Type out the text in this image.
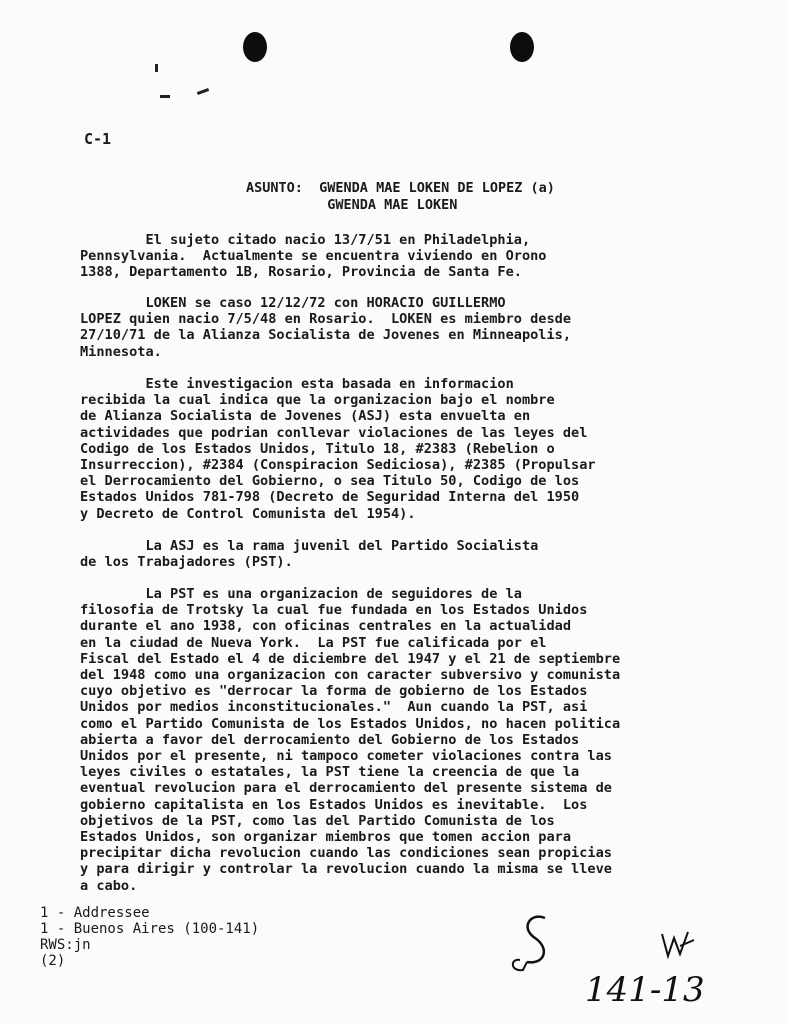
C-1
ASUNTO: GWENDA MAE LOKEN DE LOPEZ (a)
GWENDA MAE LOKEN
El sujeto citado nacio 13/7/51 en Philadelphia,
Pennsylvania.  Actualmente se encuentra viviendo en Orono
1388, Departamento 1B, Rosario, Provincia de Santa Fe.
LOKEN se caso 12/12/72 con HORACIO GUILLERMO
LOPEZ quien nacio 7/5/48 en Rosario.  LOKEN es miembro desde
27/10/71 de la Alianza Socialista de Jovenes en Minneapolis,
Minnesota.
Este investigacion esta basada en informacion
recibida la cual indica que la organizacion bajo el nombre
de Alianza Socialista de Jovenes (ASJ) esta envuelta en
actividades que podrian conllevar violaciones de las leyes del
Codigo de los Estados Unidos, Titulo 18, #2383 (Rebelion o
Insurreccion), #2384 (Conspiracion Sediciosa), #2385 (Propulsar
el Derrocamiento del Gobierno, o sea Titulo 50, Codigo de los
Estados Unidos 781-798 (Decreto de Seguridad Interna del 1950
y Decreto de Control Comunista del 1954).
La ASJ es la rama juvenil del Partido Socialista
de los Trabajadores (PST).
La PST es una organizacion de seguidores de la
filosofia de Trotsky la cual fue fundada en los Estados Unidos
durante el ano 1938, con oficinas centrales en la actualidad
en la ciudad de Nueva York.  La PST fue calificada por el
Fiscal del Estado el 4 de diciembre del 1947 y el 21 de septiembre
del 1948 como una organizacion con caracter subversivo y comunista
cuyo objetivo es "derrocar la forma de gobierno de los Estados
Unidos por medios inconstitucionales."  Aun cuando la PST, asi
como el Partido Comunista de los Estados Unidos, no hacen politica
abierta a favor del derrocamiento del Gobierno de los Estados
Unidos por el presente, ni tampoco cometer violaciones contra las
leyes civiles o estatales, la PST tiene la creencia de que la
eventual revolucion para el derrocamiento del presente sistema de
gobierno capitalista en los Estados Unidos es inevitable.  Los
objetivos de la PST, como las del Partido Comunista de los
Estados Unidos, son organizar miembros que tomen accion para
precipitar dicha revolucion cuando las condiciones sean propicias
y para dirigir y controlar la revolucion cuando la misma se lleve
a cabo.
1 - Addressee
1 - Buenos Aires (100-141)
RWS:jn
(2)
141-13
